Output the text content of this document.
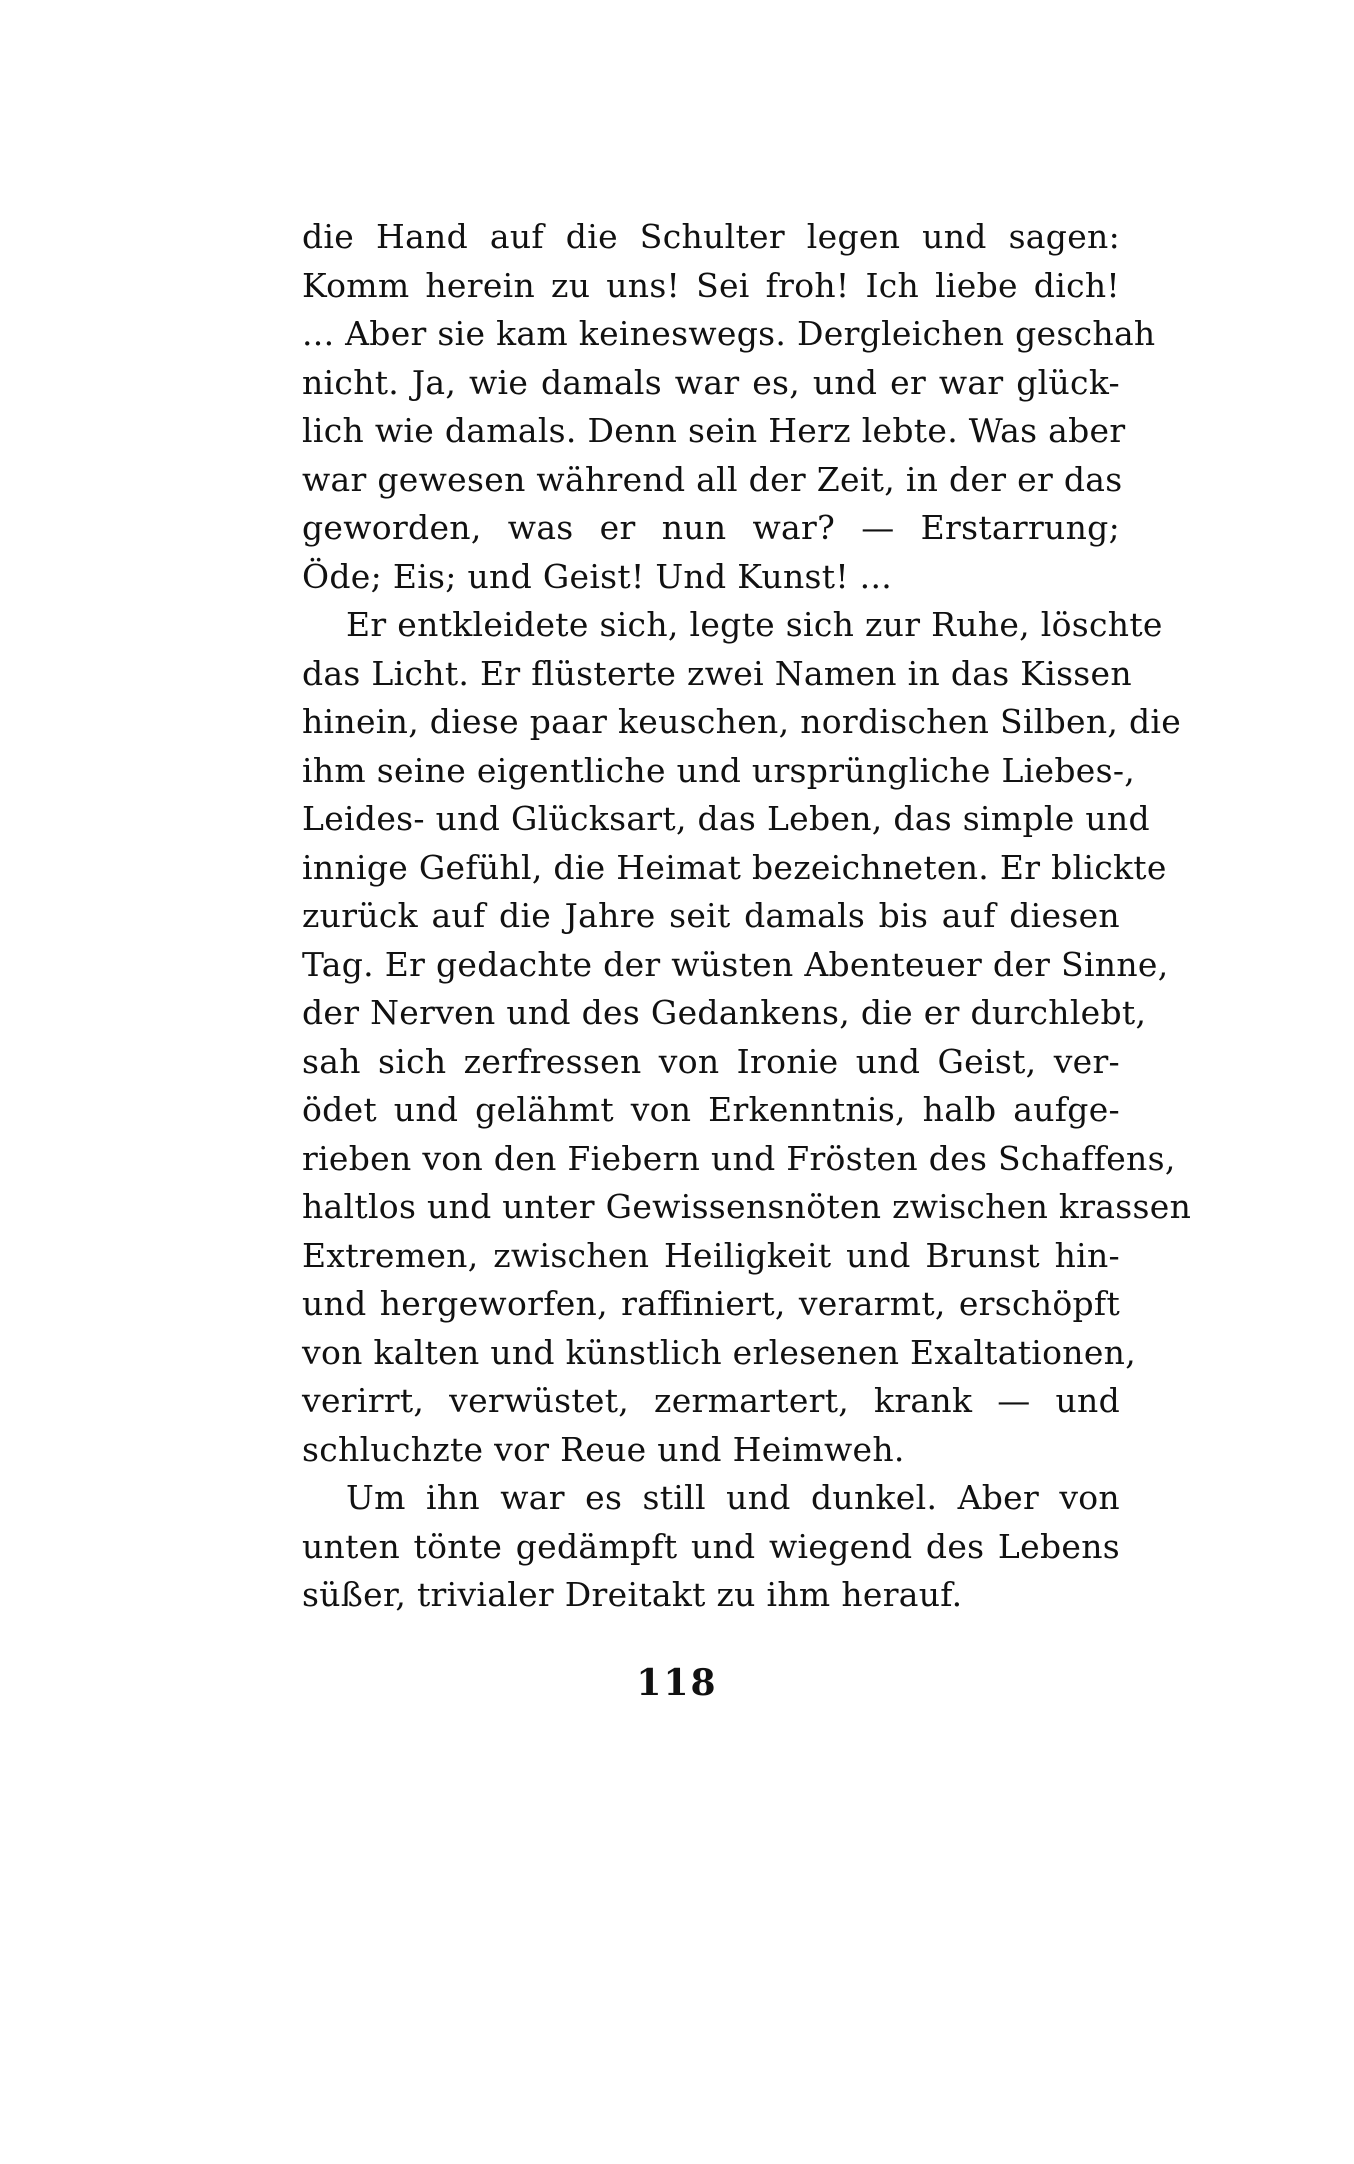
die Hand auf die Schulter legen und sagen:
Komm herein zu uns! Sei froh! Ich liebe dich!
... Aber sie kam keineswegs. Dergleichen geschah
nicht. Ja, wie damals war es, und er war glück-
lich wie damals. Denn sein Herz lebte. Was aber
war gewesen während all der Zeit, in der er das
geworden, was er nun war? — Erstarrung;
Öde; Eis; und Geist! Und Kunst! ...
Er entkleidete sich, legte sich zur Ruhe, löschte
das Licht. Er flüsterte zwei Namen in das Kissen
hinein, diese paar keuschen, nordischen Silben, die
ihm seine eigentliche und ursprüngliche Liebes-,
Leides- und Glücksart, das Leben, das simple und
innige Gefühl, die Heimat bezeichneten. Er blickte
zurück auf die Jahre seit damals bis auf diesen
Tag. Er gedachte der wüsten Abenteuer der Sinne,
der Nerven und des Gedankens, die er durchlebt,
sah sich zerfressen von Ironie und Geist, ver-
ödet und gelähmt von Erkenntnis, halb aufge-
rieben von den Fiebern und Frösten des Schaffens,
haltlos und unter Gewissensnöten zwischen krassen
Extremen, zwischen Heiligkeit und Brunst hin-
und hergeworfen, raffiniert, verarmt, erschöpft
von kalten und künstlich erlesenen Exaltationen,
verirrt, verwüstet, zermartert, krank — und
schluchzte vor Reue und Heimweh.
Um ihn war es still und dunkel. Aber von
unten tönte gedämpft und wiegend des Lebens
süßer, trivialer Dreitakt zu ihm herauf.
118
